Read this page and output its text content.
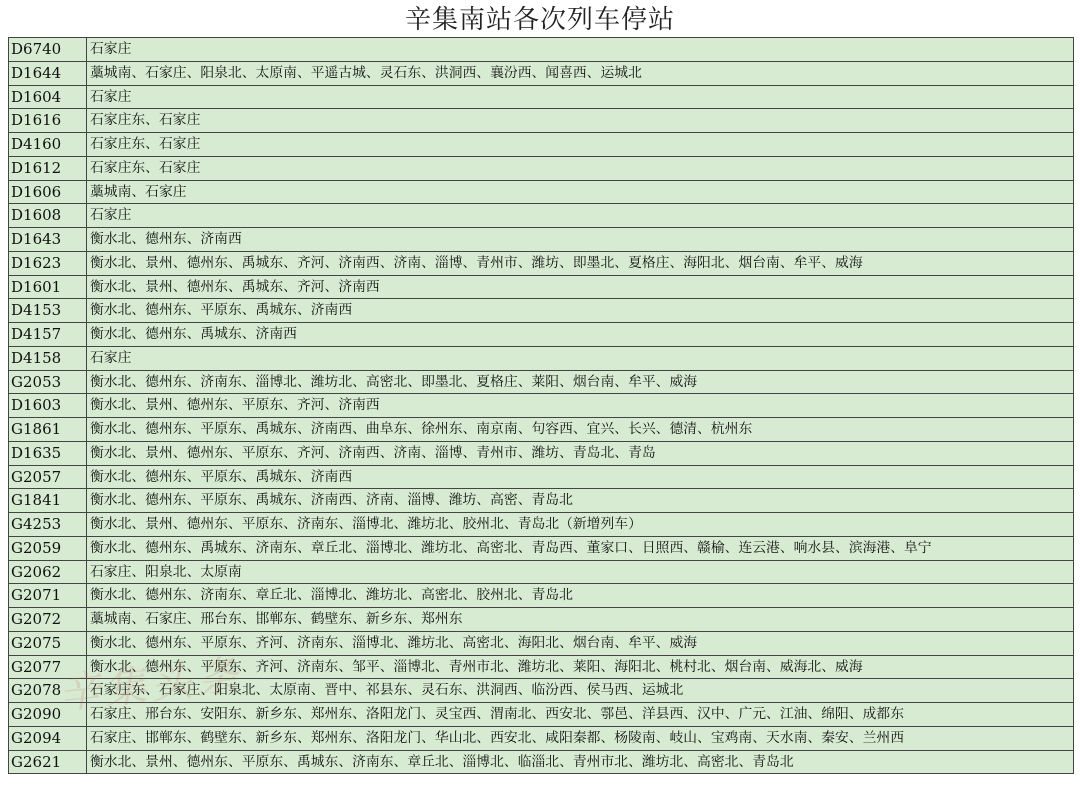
辛集南站各次列车停站
D6740	石家庄
D1644	藁城南、石家庄、阳泉北、太原南、平遥古城、灵石东、洪洞西、襄汾西、闻喜西、运城北
D1604	石家庄
D1616	石家庄东、石家庄
D4160	石家庄东、石家庄
D1612	石家庄东、石家庄
D1606	藁城南、石家庄
D1608	石家庄
D1643	衡水北、德州东、济南西
D1623	衡水北、景州、德州东、禹城东、齐河、济南西、济南、淄博、青州市、潍坊、即墨北、夏格庄、海阳北、烟台南、牟平、威海
D1601	衡水北、景州、德州东、禹城东、齐河、济南西
D4153	衡水北、德州东、平原东、禹城东、济南西
D4157	衡水北、德州东、禹城东、济南西
D4158	石家庄
G2053	衡水北、德州东、济南东、淄博北、潍坊北、高密北、即墨北、夏格庄、莱阳、烟台南、牟平、威海
D1603	衡水北、景州、德州东、平原东、齐河、济南西
G1861	衡水北、德州东、平原东、禹城东、济南西、曲阜东、徐州东、南京南、句容西、宜兴、长兴、德清、杭州东
D1635	衡水北、景州、德州东、平原东、齐河、济南西、济南、淄博、青州市、潍坊、青岛北、青岛
G2057	衡水北、德州东、平原东、禹城东、济南西
G1841	衡水北、德州东、平原东、禹城东、济南西、济南、淄博、潍坊、高密、青岛北
G4253	衡水北、景州、德州东、平原东、济南东、淄博北、潍坊北、胶州北、青岛北（新增列车）
G2059	衡水北、德州东、禹城东、济南东、章丘北、淄博北、潍坊北、高密北、青岛西、董家口、日照西、赣榆、连云港、响水县、滨海港、阜宁
G2062	石家庄、阳泉北、太原南
G2071	衡水北、德州东、济南东、章丘北、淄博北、潍坊北、高密北、胶州北、青岛北
G2072	藁城南、石家庄、邢台东、邯郸东、鹤壁东、新乡东、郑州东
G2075	衡水北、德州东、平原东、齐河、济南东、淄博北、潍坊北、高密北、海阳北、烟台南、牟平、威海
G2077	衡水北、德州东、平原东、齐河、济南东、邹平、淄博北、青州市北、潍坊北、莱阳、海阳北、桃村北、烟台南、威海北、威海
G2078	石家庄东、石家庄、阳泉北、太原南、晋中、祁县东、灵石东、洪洞西、临汾西、侯马西、运城北
G2090	石家庄、邢台东、安阳东、新乡东、郑州东、洛阳龙门、灵宝西、渭南北、西安北、鄠邑、洋县西、汉中、广元、江油、绵阳、成都东
G2094	石家庄、邯郸东、鹤壁东、新乡东、郑州东、洛阳龙门、华山北、西安北、咸阳秦都、杨陵南、岐山、宝鸡南、天水南、秦安、兰州西
G2621	衡水北、景州、德州东、平原东、禹城东、济南东、章丘北、淄博北、临淄北、青州市北、潍坊北、高密北、青岛北
